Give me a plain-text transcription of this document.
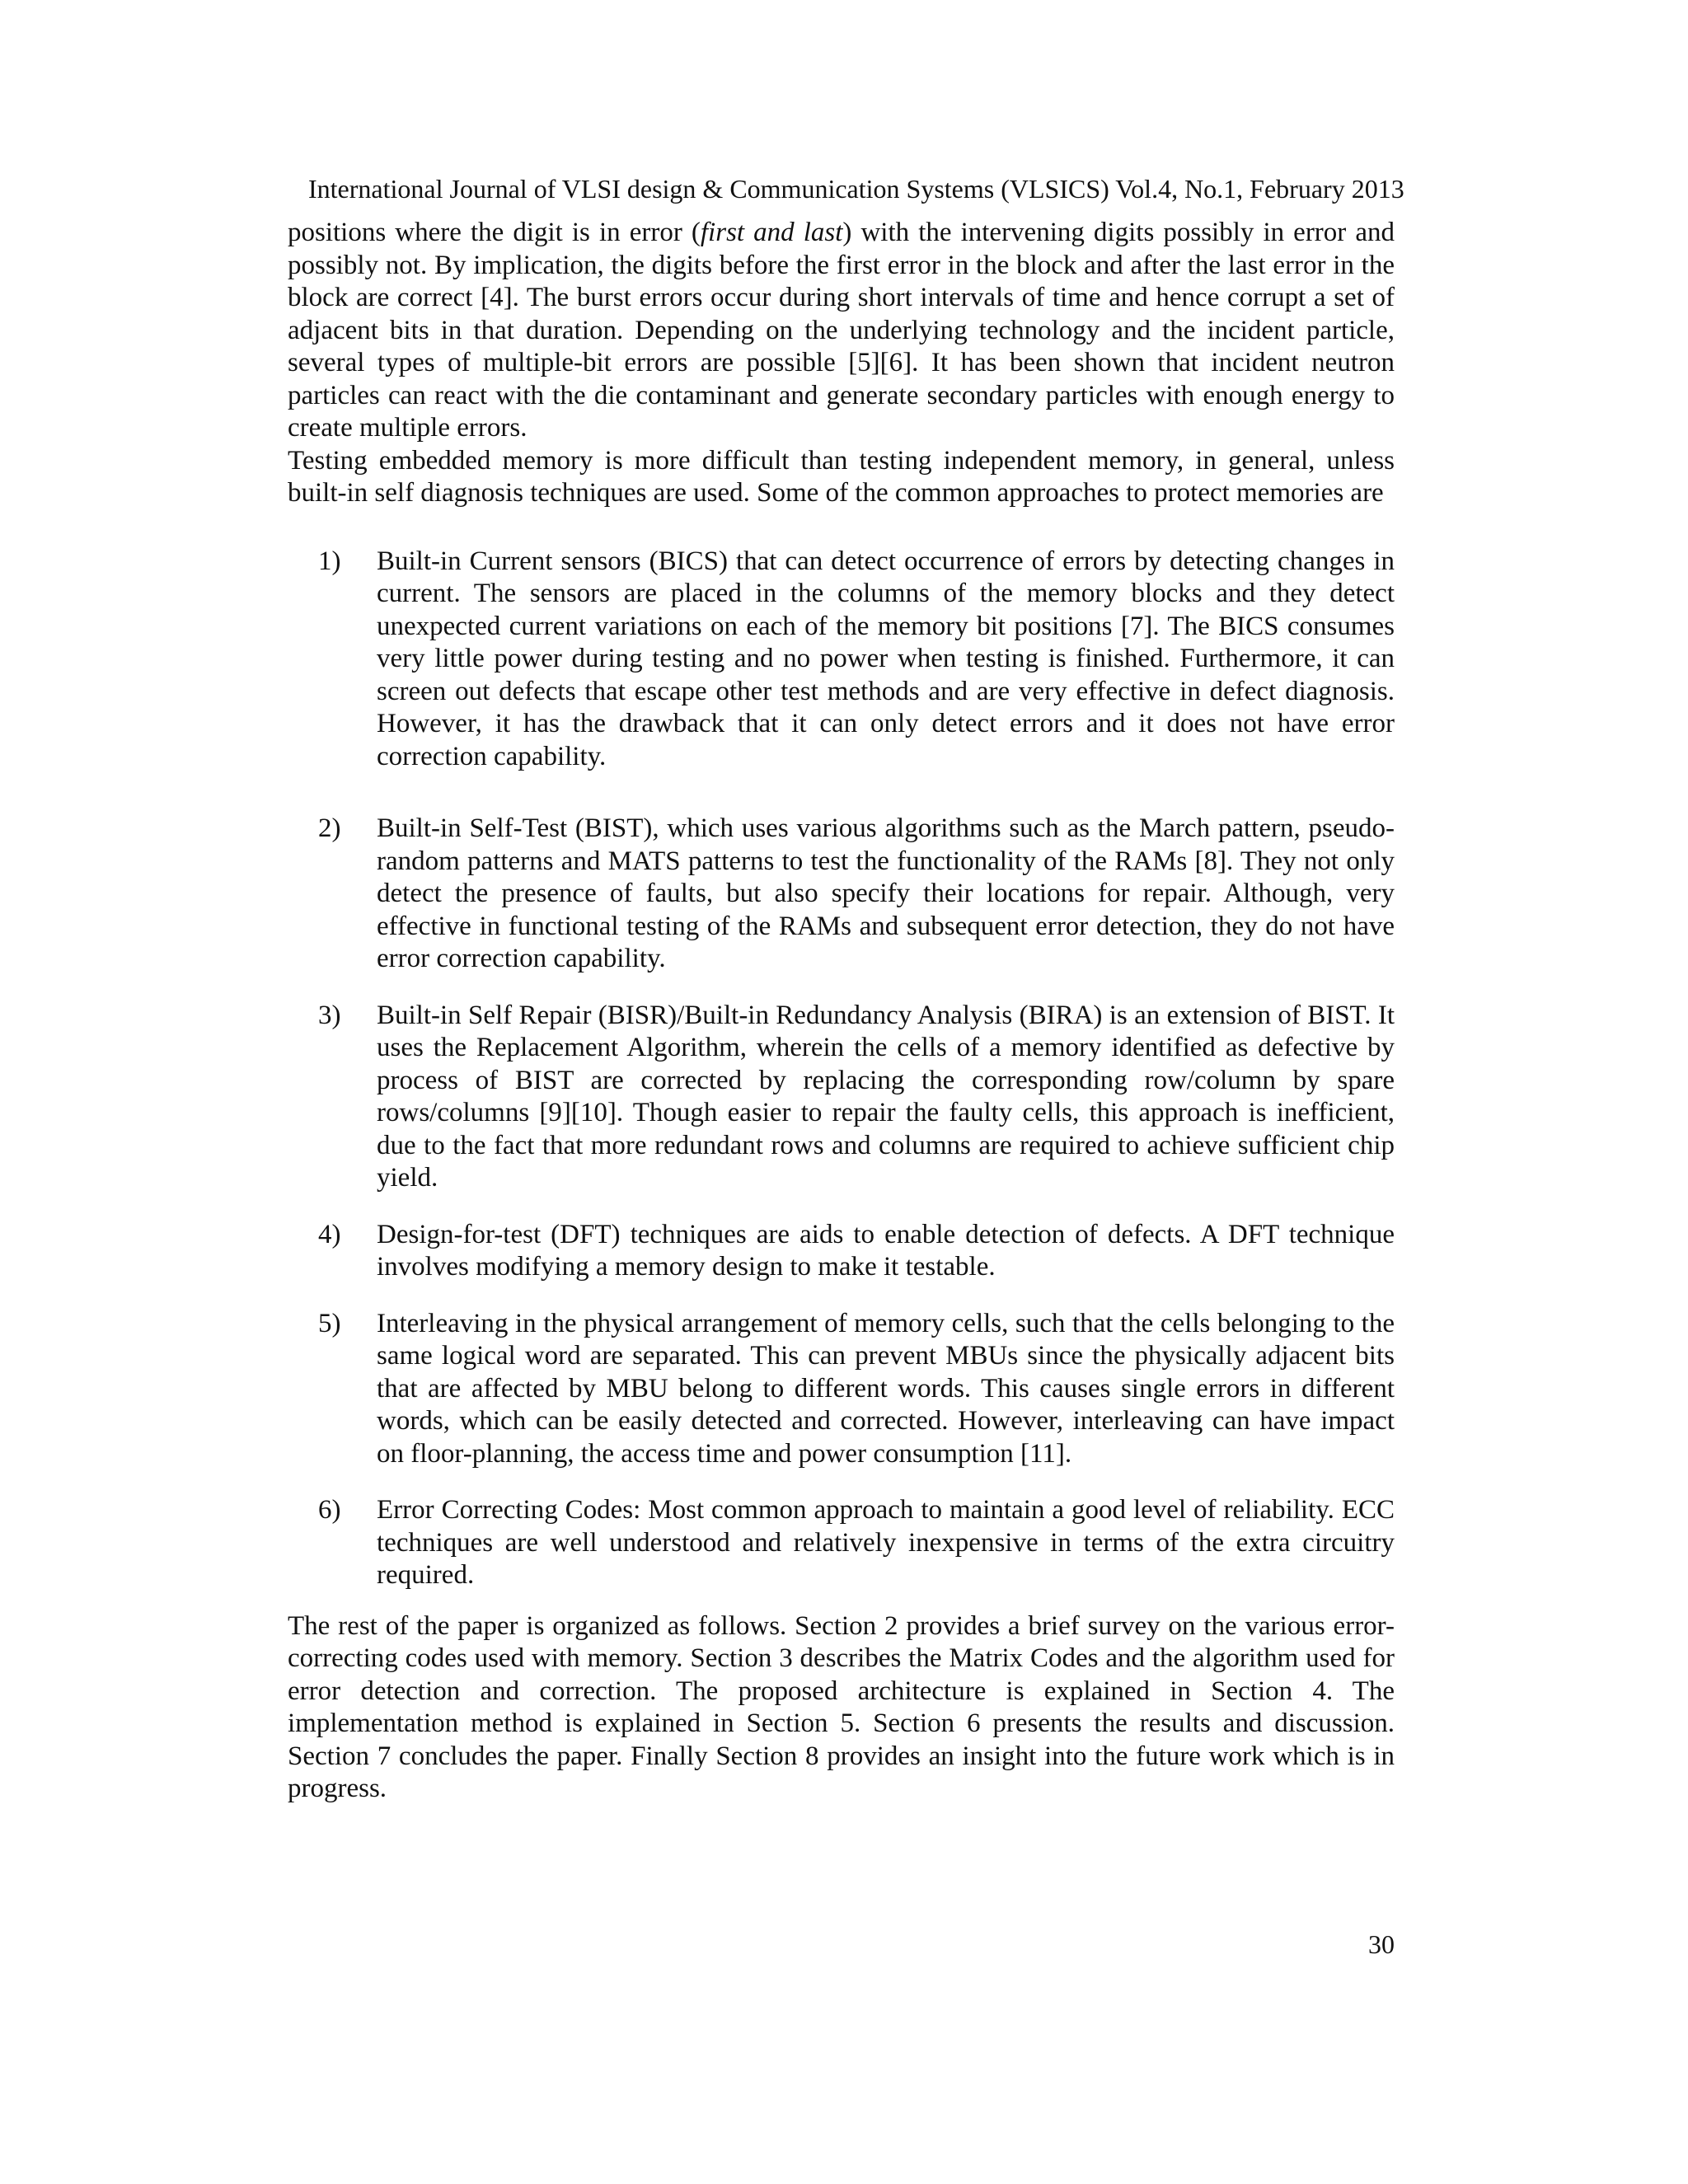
International Journal of VLSI design & Communication Systems (VLSICS) Vol.4, No.1, February 2013

positions where the digit is in error (first and last) with the intervening digits possibly in error and possibly not. By implication, the digits before the first error in the block and after the last error in the block are correct [4]. The burst errors occur during short intervals of time and hence corrupt a set of adjacent bits in that duration. Depending on the underlying technology and the incident particle, several types of multiple-bit errors are possible [5][6]. It has been shown that incident neutron particles can react with the die contaminant and generate secondary particles with enough energy to create multiple errors.

Testing embedded memory is more difficult than testing independent memory, in general, unless built-in self diagnosis techniques are used. Some of the common approaches to protect memories are

1) Built-in Current sensors (BICS) that can detect occurrence of errors by detecting changes in current. The sensors are placed in the columns of the memory blocks and they detect unexpected current variations on each of the memory bit positions [7]. The BICS consumes very little power during testing and no power when testing is finished. Furthermore, it can screen out defects that escape other test methods and are very effective in defect diagnosis. However, it has the drawback that it can only detect errors and it does not have error correction capability.
2) Built-in Self-Test (BIST), which uses various algorithms such as the March pattern, pseudo-random patterns and MATS patterns to test the functionality of the RAMs [8]. They not only detect the presence of faults, but also specify their locations for repair. Although, very effective in functional testing of the RAMs and subsequent error detection, they do not have error correction capability.
3) Built-in Self Repair (BISR)/Built-in Redundancy Analysis (BIRA) is an extension of BIST. It uses the Replacement Algorithm, wherein the cells of a memory identified as defective by process of BIST are corrected by replacing the corresponding row/column by spare rows/columns [9][10]. Though easier to repair the faulty cells, this approach is inefficient, due to the fact that more redundant rows and columns are required to achieve sufficient chip yield.
4) Design-for-test (DFT) techniques are aids to enable detection of defects. A DFT technique involves modifying a memory design to make it testable.
5) Interleaving in the physical arrangement of memory cells, such that the cells belonging to the same logical word are separated. This can prevent MBUs since the physically adjacent bits that are affected by MBU belong to different words. This causes single errors in different words, which can be easily detected and corrected. However, interleaving can have impact on floor-planning, the access time and power consumption [11].
6) Error Correcting Codes: Most common approach to maintain a good level of reliability. ECC techniques are well understood and relatively inexpensive in terms of the extra circuitry required.

The rest of the paper is organized as follows. Section 2 provides a brief survey on the various error-correcting codes used with memory. Section 3 describes the Matrix Codes and the algorithm used for error detection and correction. The proposed architecture is explained in Section 4. The implementation method is explained in Section 5. Section 6 presents the results and discussion. Section 7 concludes the paper. Finally Section 8 provides an insight into the future work which is in progress.

30
